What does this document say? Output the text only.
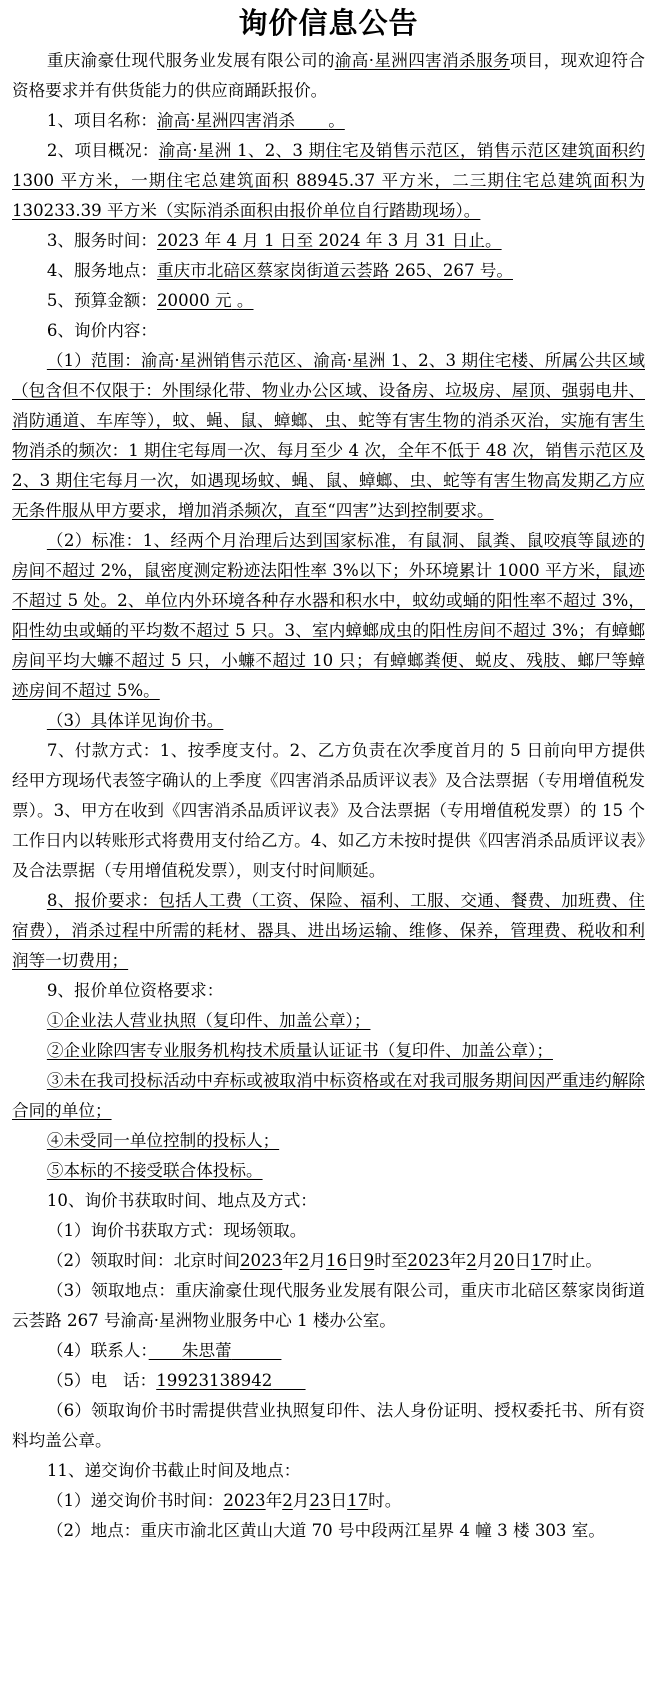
询价信息公告

重庆渝豪仕现代服务业发展有限公司的渝高·星洲四害消杀服务项目，现欢迎符合资格要求并有供货能力的供应商踊跃报价。

1、项目名称：渝高·星洲四害消杀　　 。

2、项目概况：渝高·星洲 1、2、3 期住宅及销售示范区，销售示范区建筑面积约 1300 平方米，一期住宅总建筑面积 88945.37 平方米，二三期住宅总建筑面积为 130233.39 平方米（实际消杀面积由报价单位自行踏勘现场）。

3、服务时间：2023 年 4 月 1 日至 2024 年 3 月 31 日止。

4、服务地点：重庆市北碚区蔡家岗街道云荟路 265、267 号。

5、预算金额：20000 元 。

6、询价内容：

（1）范围：渝高·星洲销售示范区、渝高·星洲 1、2、3 期住宅楼、所属公共区域（包含但不仅限于：外围绿化带、物业办公区域、设备房、垃圾房、屋顶、强弱电井、消防通道、车库等），蚊、蝇、鼠、蟑螂、虫、蛇等有害生物的消杀灭治，实施有害生物消杀的频次：1 期住宅每周一次、每月至少 4 次，全年不低于 48 次，销售示范区及 2、3 期住宅每月一次，如遇现场蚊、蝇、鼠、蟑螂、虫、蛇等有害生物高发期乙方应无条件服从甲方要求，增加消杀频次，直至“四害”达到控制要求。

（2）标准：1、经两个月治理后达到国家标准，有鼠洞、鼠粪、鼠咬痕等鼠迹的房间不超过 2%，鼠密度测定粉迹法阳性率 3%以下；外环境累计 1000 平方米，鼠迹不超过 5 处。2、单位内外环境各种存水器和积水中，蚊幼或蛹的阳性率不超过 3%，阳性幼虫或蛹的平均数不超过 5 只。3、室内蟑螂成虫的阳性房间不超过 3%；有蟑螂房间平均大蠊不超过 5 只，小蠊不超过 10 只；有蟑螂粪便、蜕皮、残肢、螂尸等蟑迹房间不超过 5%。

（3）具体详见询价书。

7、付款方式：1、按季度支付。2、乙方负责在次季度首月的 5 日前向甲方提供经甲方现场代表签字确认的上季度《四害消杀品质评议表》及合法票据（专用增值税发票）。3、甲方在收到《四害消杀品质评议表》及合法票据（专用增值税发票）的 15 个工作日内以转账形式将费用支付给乙方。4、如乙方未按时提供《四害消杀品质评议表》及合法票据（专用增值税发票），则支付时间顺延。

8、报价要求：包括人工费（工资、保险、福利、工服、交通、餐费、加班费、住宿费），消杀过程中所需的耗材、器具、进出场运输、维修、保养，管理费、税收和利润等一切费用；

9、报价单位资格要求：

①企业法人营业执照（复印件、加盖公章）；

②企业除四害专业服务机构技术质量认证证书（复印件、加盖公章）；

③未在我司投标活动中弃标或被取消中标资格或在对我司服务期间因严重违约解除合同的单位；

④未受同一单位控制的投标人；

⑤本标的不接受联合体投标。

10、询价书获取时间、地点及方式：

（1）询价书获取方式：现场领取。

（2）领取时间：北京时间2023年2月16日9时至2023年2月20日17时止。

（3）领取地点：重庆渝豪仕现代服务业发展有限公司，重庆市北碚区蔡家岗街道云荟路 267 号渝高·星洲物业服务中心 1 楼办公室。

（4）联系人：　　 朱思蕾　　　

（5）电   话：19923138942　　

（6）领取询价书时需提供营业执照复印件、法人身份证明、授权委托书、所有资料均盖公章。

11、递交询价书截止时间及地点：

（1）递交询价书时间：2023年2月23日17时。

（2）地点：重庆市渝北区黄山大道 70 号中段两江星界 4 幢 3 楼 303 室。
